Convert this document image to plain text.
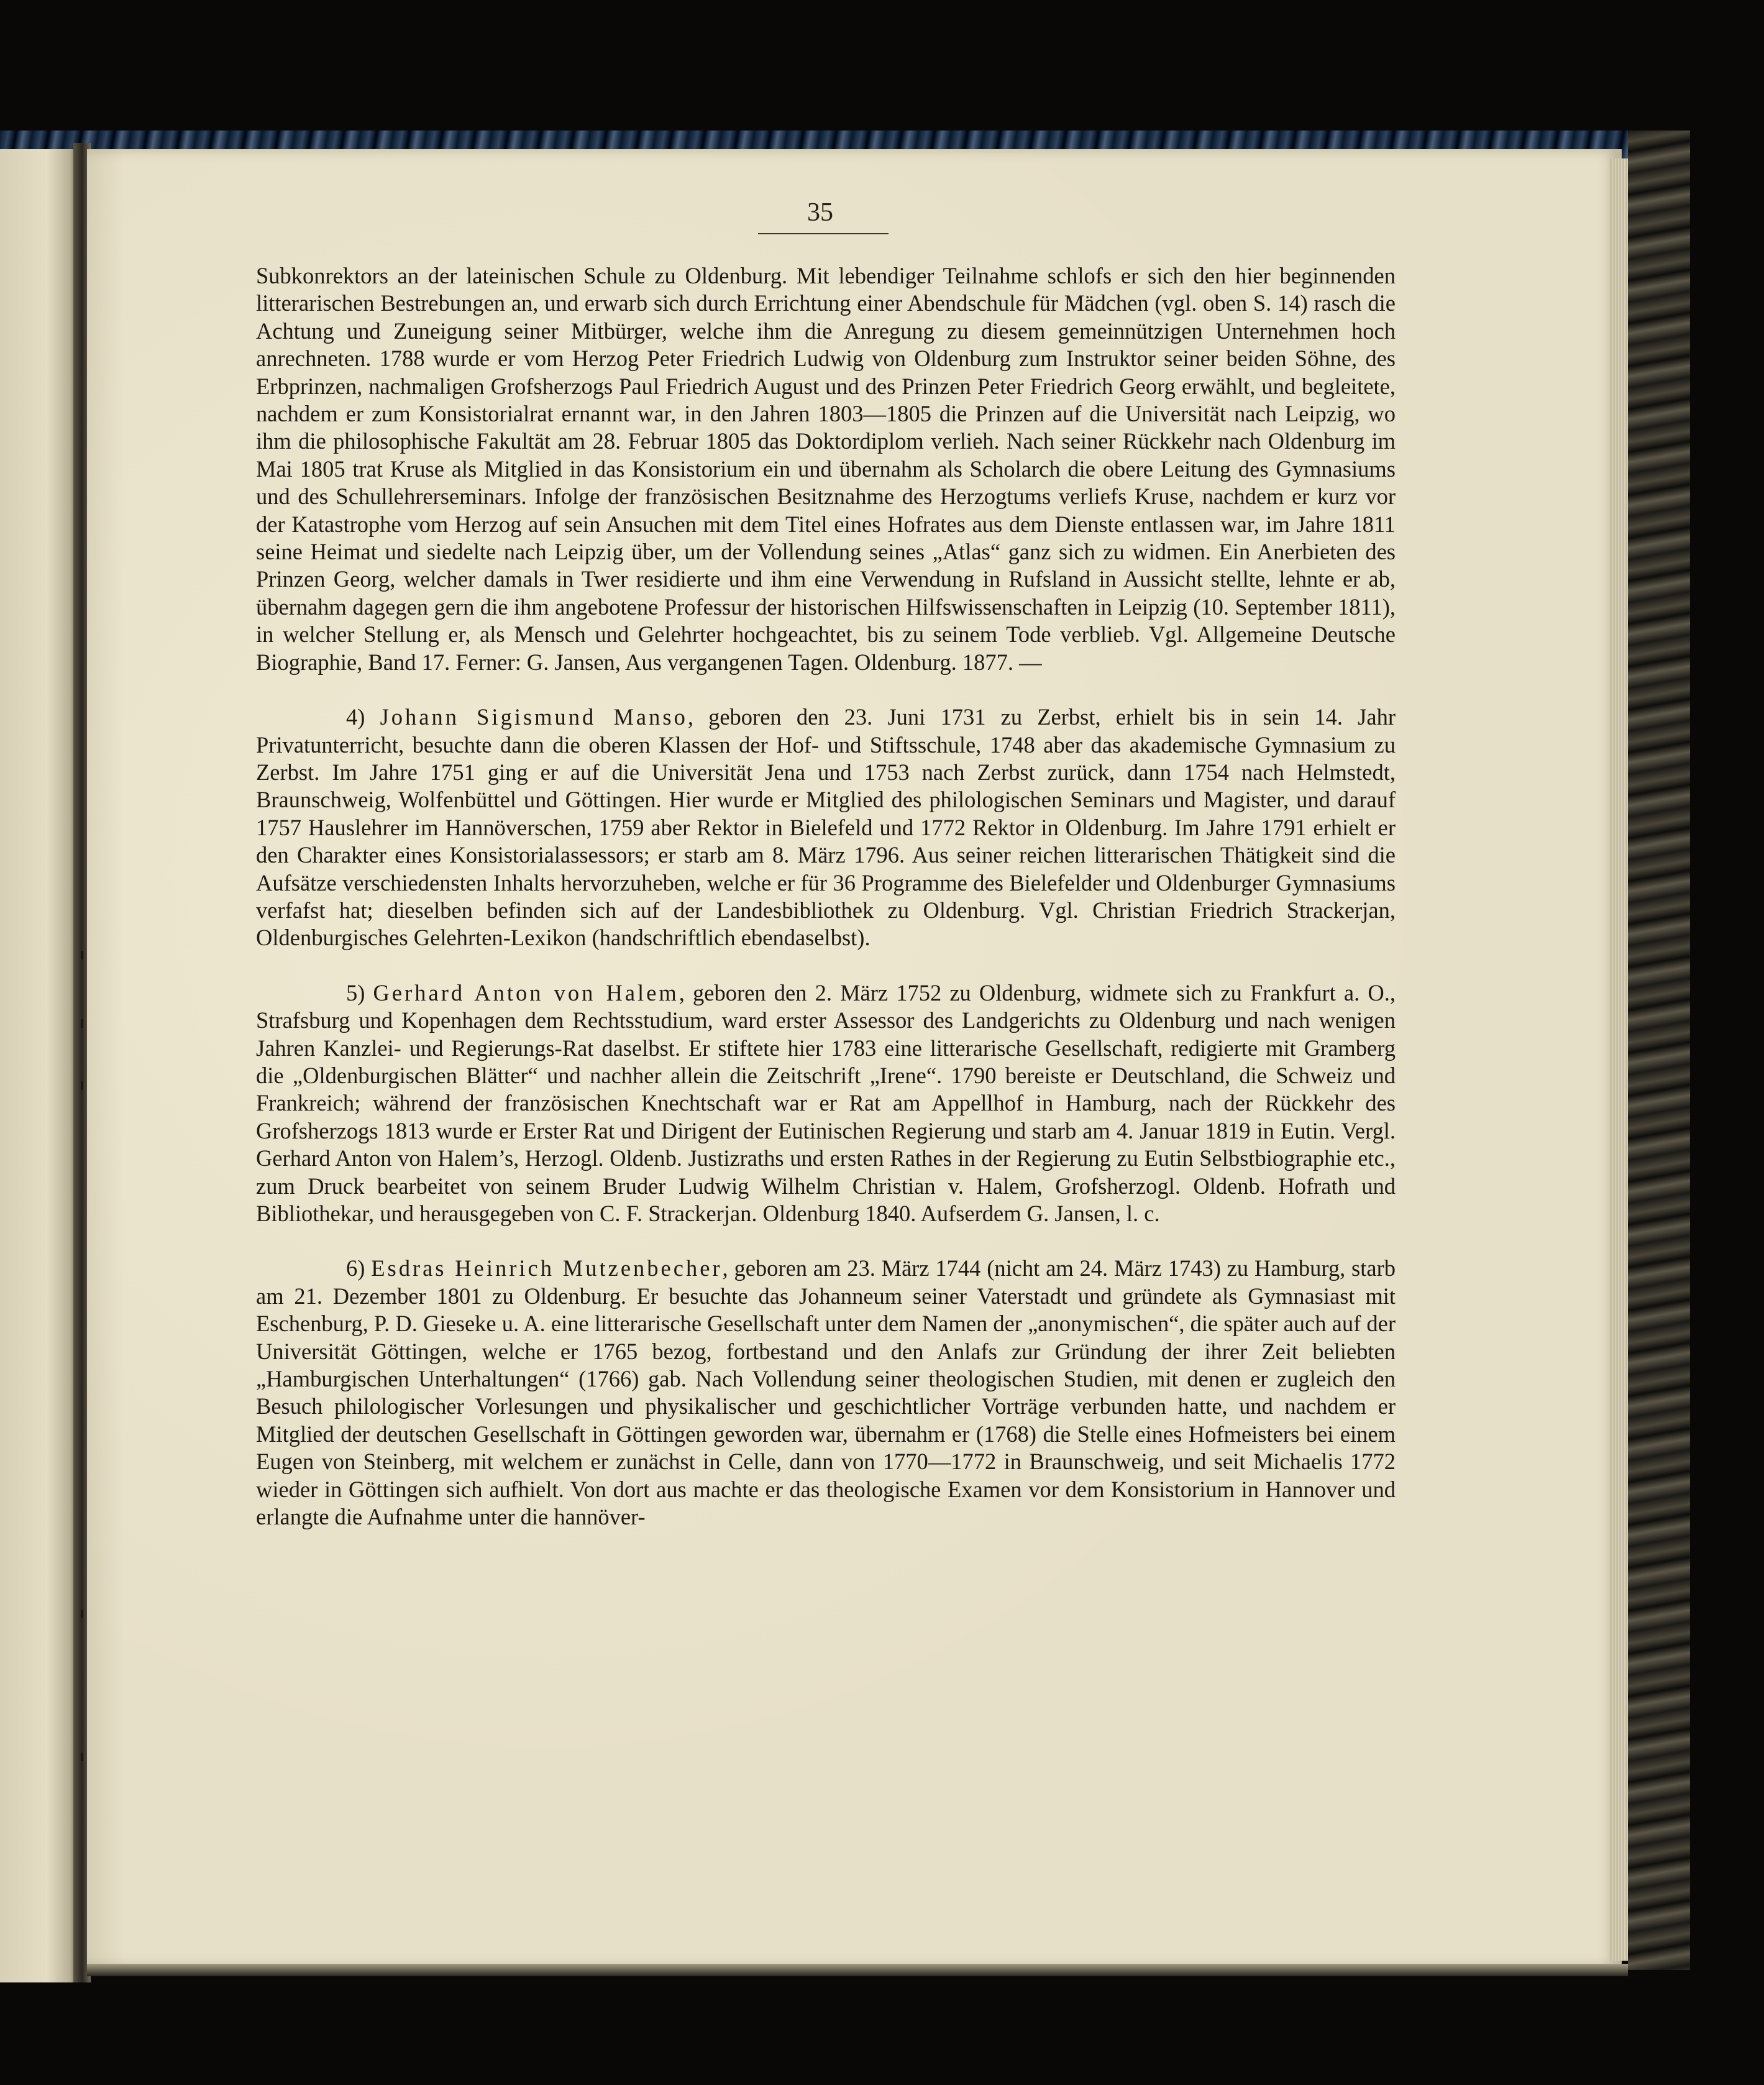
35

Subkonrektors an der lateinischen Schule zu Oldenburg. Mit lebendiger Teilnahme schlofs er sich den hier beginnenden litterarischen Bestrebungen an, und erwarb sich durch Errichtung einer Abendschule für Mädchen (vgl. oben S. 14) rasch die Achtung und Zuneigung seiner Mitbürger, welche ihm die Anregung zu diesem gemeinnützigen Unternehmen hoch anrechneten. 1788 wurde er vom Herzog Peter Friedrich Ludwig von Oldenburg zum Instruktor seiner beiden Söhne, des Erbprinzen, nachmaligen Grofsherzogs Paul Friedrich August und des Prinzen Peter Friedrich Georg erwählt, und begleitete, nachdem er zum Konsistorialrat ernannt war, in den Jahren 1803—1805 die Prinzen auf die Universität nach Leipzig, wo ihm die philosophische Fakultät am 28. Februar 1805 das Doktordiplom verlieh. Nach seiner Rückkehr nach Oldenburg im Mai 1805 trat Kruse als Mitglied in das Konsistorium ein und übernahm als Scholarch die obere Leitung des Gymnasiums und des Schullehrerseminars. Infolge der französischen Besitznahme des Herzogtums verliefs Kruse, nachdem er kurz vor der Katastrophe vom Herzog auf sein Ansuchen mit dem Titel eines Hofrates aus dem Dienste entlassen war, im Jahre 1811 seine Heimat und siedelte nach Leipzig über, um der Vollendung seines „Atlas“ ganz sich zu widmen. Ein Anerbieten des Prinzen Georg, welcher damals in Twer residierte und ihm eine Verwendung in Rufsland in Aussicht stellte, lehnte er ab, übernahm dagegen gern die ihm angebotene Professur der historischen Hilfswissenschaften in Leipzig (10. September 1811), in welcher Stellung er, als Mensch und Gelehrter hochgeachtet, bis zu seinem Tode verblieb. Vgl. Allgemeine Deutsche Biographie, Band 17. Ferner: G. Jansen, Aus vergangenen Tagen. Oldenburg. 1877. —

4) Johann Sigismund Manso, geboren den 23. Juni 1731 zu Zerbst, erhielt bis in sein 14. Jahr Privatunterricht, besuchte dann die oberen Klassen der Hof- und Stiftsschule, 1748 aber das akademische Gymnasium zu Zerbst. Im Jahre 1751 ging er auf die Universität Jena und 1753 nach Zerbst zurück, dann 1754 nach Helmstedt, Braunschweig, Wolfenbüttel und Göttingen. Hier wurde er Mitglied des philologischen Seminars und Magister, und darauf 1757 Hauslehrer im Hannöverschen, 1759 aber Rektor in Bielefeld und 1772 Rektor in Oldenburg. Im Jahre 1791 erhielt er den Charakter eines Konsistorialassessors; er starb am 8. März 1796. Aus seiner reichen litterarischen Thätigkeit sind die Aufsätze verschiedensten Inhalts hervorzuheben, welche er für 36 Programme des Bielefelder und Oldenburger Gymnasiums verfafst hat; dieselben befinden sich auf der Landesbibliothek zu Oldenburg. Vgl. Christian Friedrich Strackerjan, Oldenburgisches Gelehrten-Lexikon (handschriftlich ebendaselbst).

5) Gerhard Anton von Halem, geboren den 2. März 1752 zu Oldenburg, widmete sich zu Frankfurt a. O., Strafsburg und Kopenhagen dem Rechtsstudium, ward erster Assessor des Landgerichts zu Oldenburg und nach wenigen Jahren Kanzlei- und Regierungs-Rat daselbst. Er stiftete hier 1783 eine litterarische Gesellschaft, redigierte mit Gramberg die „Oldenburgischen Blätter“ und nachher allein die Zeitschrift „Irene“. 1790 bereiste er Deutschland, die Schweiz und Frankreich; während der französischen Knechtschaft war er Rat am Appellhof in Hamburg, nach der Rückkehr des Grofsherzogs 1813 wurde er Erster Rat und Dirigent der Eutinischen Regierung und starb am 4. Januar 1819 in Eutin. Vergl. Gerhard Anton von Halem’s, Herzogl. Oldenb. Justizraths und ersten Rathes in der Regierung zu Eutin Selbstbiographie etc., zum Druck bearbeitet von seinem Bruder Ludwig Wilhelm Christian v. Halem, Grofsherzogl. Oldenb. Hofrath und Bibliothekar, und herausgegeben von C. F. Strackerjan. Oldenburg 1840. Aufserdem G. Jansen, l. c.

6) Esdras Heinrich Mutzenbecher, geboren am 23. März 1744 (nicht am 24. März 1743) zu Hamburg, starb am 21. Dezember 1801 zu Oldenburg. Er besuchte das Johanneum seiner Vaterstadt und gründete als Gymnasiast mit Eschenburg, P. D. Gieseke u. A. eine litterarische Gesellschaft unter dem Namen der „anonymischen“, die später auch auf der Universität Göttingen, welche er 1765 bezog, fortbestand und den Anlafs zur Gründung der ihrer Zeit beliebten „Hamburgischen Unterhaltungen“ (1766) gab. Nach Vollendung seiner theologischen Studien, mit denen er zugleich den Besuch philologischer Vorlesungen und physikalischer und geschichtlicher Vorträge verbunden hatte, und nachdem er Mitglied der deutschen Gesellschaft in Göttingen geworden war, übernahm er (1768) die Stelle eines Hofmeisters bei einem Eugen von Steinberg, mit welchem er zunächst in Celle, dann von 1770—1772 in Braunschweig, und seit Michaelis 1772 wieder in Göttingen sich aufhielt. Von dort aus machte er das theologische Examen vor dem Konsistorium in Hannover und erlangte die Aufnahme unter die hannöver-
